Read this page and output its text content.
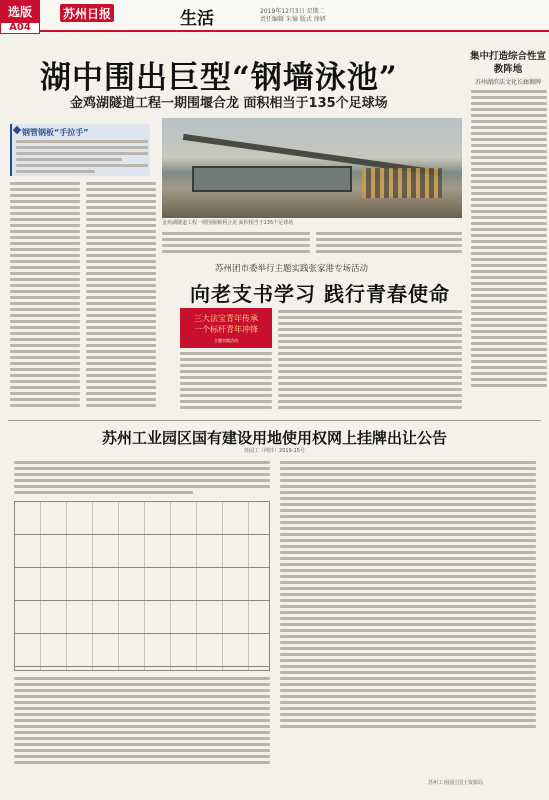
选版
A04
苏州日报	生活	2019年12月3日 星期二
责任编辑 朱愉 版式 徐妍
湖中围出巨型“钢墙泳池”
金鸡湖隧道工程一期围堰合龙 面积相当于135个足球场
钢管钢板“手拉手”
金鸡湖隧道工程一期围堰顺利合龙 面积相当于135个足球场
苏州团市委举行主题实践张家港专场活动
向老支书学习 践行青春使命
三大法宝青年传承
一个标杆青年冲锋
主题实践活动
集中打造综合性宣教阵地
苏州湖滨法文化长廊揭牌
苏州工业园区国有建设用地使用权网上挂牌出让公告
苏园工（网挂）2019-15号
苏州工业园区国土资源局
